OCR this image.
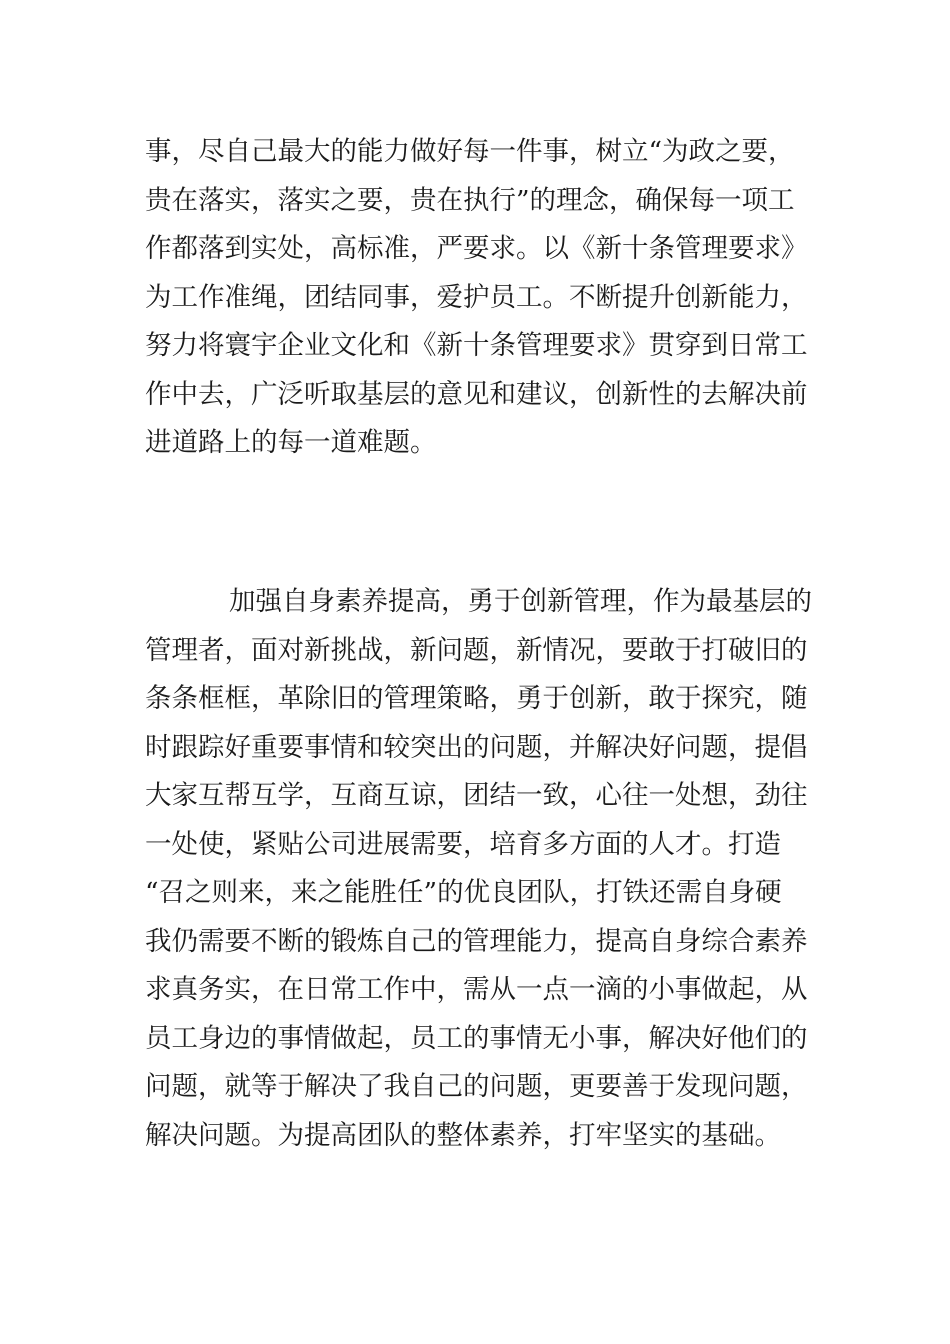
事，尽自己最大的能力做好每一件事，树立“为政之要，
贵在落实，落实之要，贵在执行”的理念，确保每一项工
作都落到实处，高标准，严要求。以《新十条管理要求》
为工作准绳，团结同事，爱护员工。不断提升创新能力，
努力将寰宇企业文化和《新十条管理要求》贯穿到日常工
作中去，广泛听取基层的意见和建议，创新性的去解决前
进道路上的每一道难题。
加强自身素养提高，勇于创新管理，作为最基层的
管理者，面对新挑战，新问题，新情况，要敢于打破旧的
条条框框，革除旧的管理策略，勇于创新，敢于探究，随
时跟踪好重要事情和较突出的问题，并解决好问题，提倡
大家互帮互学，互商互谅，团结一致，心往一处想，劲往
一处使，紧贴公司进展需要，培育多方面的人才。打造
“召之则来，来之能胜任”的优良团队，打铁还需自身硬
我仍需要不断的锻炼自己的管理能力，提高自身综合素养
求真务实，在日常工作中，需从一点一滴的小事做起，从
员工身边的事情做起，员工的事情无小事，解决好他们的
问题，就等于解决了我自己的问题，更要善于发现问题，
解决问题。为提高团队的整体素养，打牢坚实的基础。
